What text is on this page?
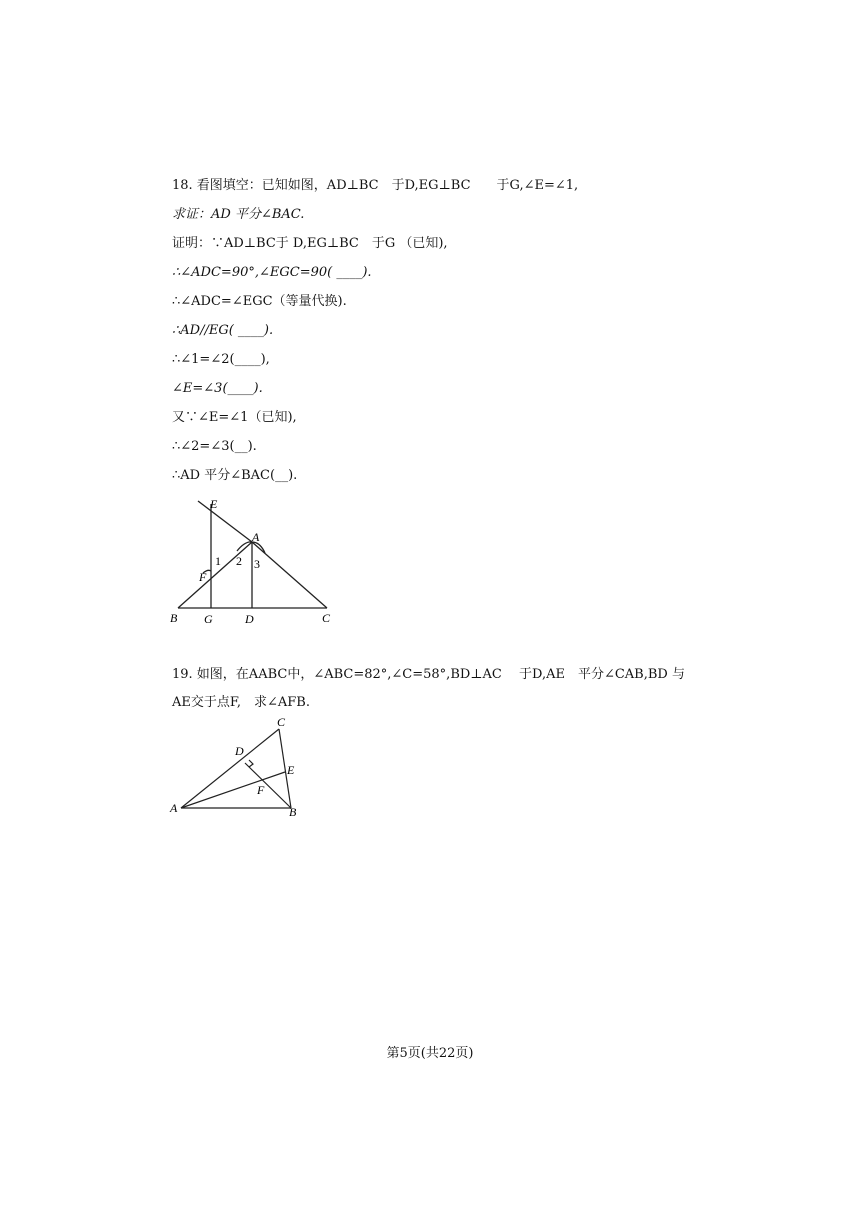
18. 看图填空：已知如图，AD⊥BC　于D,EG⊥BC　　于G,∠E=∠1,
求证：AD 平分∠BAC.
证明：∵AD⊥BC于 D,EG⊥BC　于G （已知),
∴∠ADC=90°,∠EGC=90( ____).
∴∠ADC=∠EGC（等量代换).
∴AD//EG( ____).
∴∠1=∠2(____),
∠E=∠3(____).
又∵∠E=∠1（已知),
∴∠2=∠3(__).
∴AD 平分∠BAC(__).
E
A
1 2 3
F
B G	D	C
19. 如图，在AABC中，∠ABC=82°,∠C=58°,BD⊥AC　 于D,AE　平分∠CAB,BD 与
AE交于点F,　求∠AFB.
C
D
E
F
A	B
第5页(共22页)
